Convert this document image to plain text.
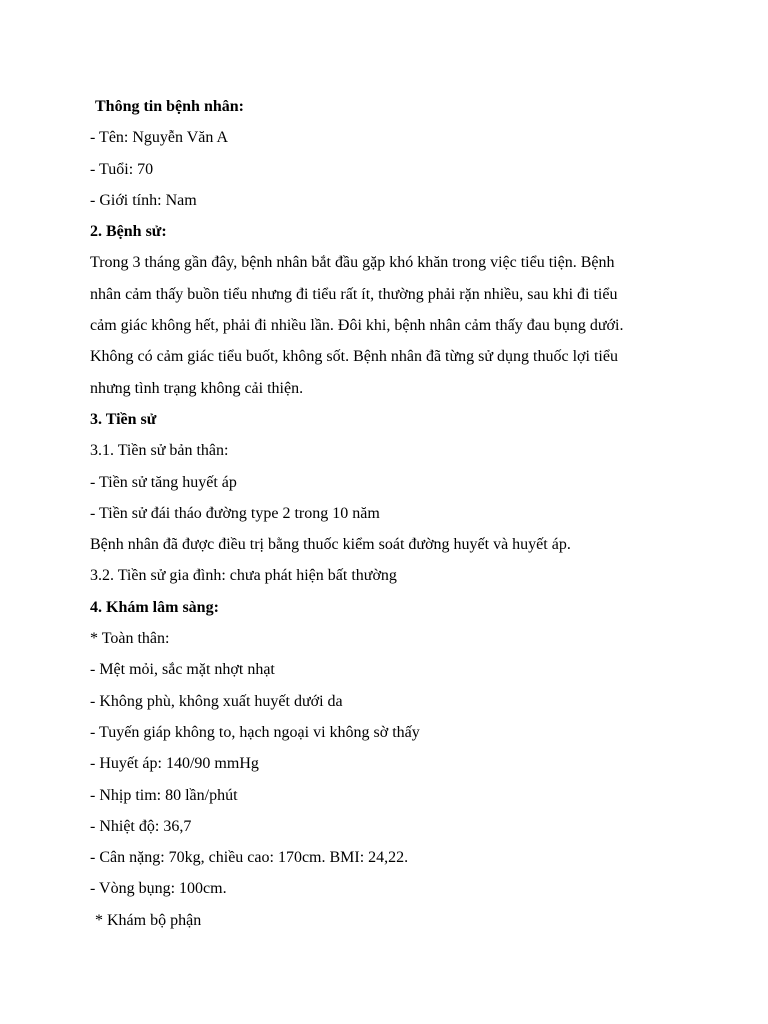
Thông tin bệnh nhân:
- Tên: Nguyễn Văn A
- Tuổi: 70
- Giới tính: Nam
2. Bệnh sử:
Trong 3 tháng gần đây, bệnh nhân bắt đầu gặp khó khăn trong việc tiểu tiện. Bệnh
nhân cảm thấy buồn tiểu nhưng đi tiểu rất ít, thường phải rặn nhiều, sau khi đi tiểu
cảm giác không hết, phải đi nhiều lần. Đôi khi, bệnh nhân cảm thấy đau bụng dưới.
Không có cảm giác tiểu buốt, không sốt. Bệnh nhân đã từng sử dụng thuốc lợi tiểu
nhưng tình trạng không cải thiện.
3. Tiền sử
3.1. Tiền sử bản thân:
- Tiền sử tăng huyết áp
- Tiền sử đái tháo đường type 2 trong 10 năm
Bệnh nhân đã được điều trị bằng thuốc kiểm soát đường huyết và huyết áp.
3.2. Tiền sử gia đình: chưa phát hiện bất thường
4. Khám lâm sàng:
* Toàn thân:
- Mệt mỏi, sắc mặt nhợt nhạt
- Không phù, không xuất huyết dưới da
- Tuyến giáp không to, hạch ngoại vi không sờ thấy
- Huyết áp: 140/90 mmHg
- Nhịp tim: 80 lần/phút
- Nhiệt độ: 36,7
- Cân nặng: 70kg, chiều cao: 170cm. BMI: 24,22.
- Vòng bụng: 100cm.
* Khám bộ phận
